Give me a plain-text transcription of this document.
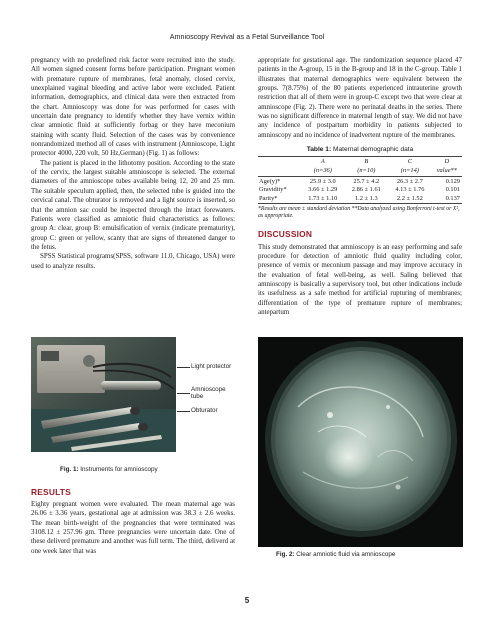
Amnioscopy Revival as a Fetal Surveillance Tool

pregnancy with no predefined risk factor were recruited into the study. All women signed consent forms before participation. Pregnant women with premature rupture of membranes, fetal anomaly, closed cervix, unexplained vaginal bleeding and active labor were excluded. Patient information, demographics, and clinical data were then extracted from the chart. Amnioscopy was done for was performed for cases with uncertain date pregnancy to identify whether they have vernix within clear amniotic fluid at sufficiently forbag or they have meconium staining with scanty fluid. Selection of the cases was by convenience nonrandomized method all of cases with instrument (Amnioscope, Light protector 4000, 220 volt, 50 Hz,German) (Fig. 1) as follows:

The patient is placed in the lithotomy position. According to the state of the cervix, the largest suitable amnioscope is selected. The external diameters of the amnioscope tubes available being 12, 20 and 25 mm. The suitable speculum applied, then, the selected tube is guided into the cervical canal. The obturator is removed and a light source is inserted, so that the amnion sac could be inspected through the intact forewaters. Patients were classified as amniotic fluid characteristics as follows: group A: clear, group B: emulsification of vernix (indicate prematurity), group C: green or yellow, scanty that are signs of threatened danger to the fetus.

SPSS Statistical programs(SPSS, software 11.0, Chicago, USA) were used to analyze results.

Light protector
Amnioscope tube
Obturator
Fig. 1: Instruments for amnioscopy
RESULTS

Eighty pregnant women were evaluated. The mean maternal age was 26.06 ± 3.36 years, gestational age at admission was 38.3 ± 2.6 weeks. The mean birth-weight of the pregnancies that were terminated was 3108.12 ± 257.96 gm. Three pregnancies were uncertain date. One of these deliverd premature and another was full term. The third, deliverd at one week later that was

appropriate for gestational age. The randomization sequence placed 47 patients in the A-group, 15 in the B-group and 18 in the C-group. Table 1 illustrates that maternal demographics were equivalent between the groups. 7(8.75%) of the 80 patients experienced intrauterine growth restriction that all of them were in group-C except two that were clear at amnioscope (Fig. 2). There were no perinatal deaths in the series. There was no significant difference in maternal length of stay. We did not have any incidence of postpartum morbidity in patients subjected to amnioscopy and no incidence of inadvertent rupture of the membranes.

Table 1: Maternal demographic data
	A	B	C	D
	(n=36)	(n=10)	(n=14)	value**
Age(y)*	25.9 ± 3.0	25.7 ± 4.2	26.3 ± 2.7	0.129
Gravidity*	3.66 ± 1.29	2.86 ± 1.61	4.13 ± 1.76	0.101
Parity*	1.73 ± 1.10	1.2 ± 1.3	2.2 ± 1.52	0.137

*Results are mean ± standard deviation **Data analyzed using Bonferroni t-test or X², as appropriate.

DISCUSSION

This study demonstrated that amnioscopy is an easy performing and safe procedure for detection of amniotic fluid quality including color, presence of vernix or meconium passage and may improve accuracy in the evaluation of fetal well-being, as well. Saling believed that amnioscopy is basically a supervisory tool, but other indications include its usefulness as a safe method for artificial rupturing of membranes; differentiation of the type of premature rupture of membranes; antepartum

Fig. 2: Clear amniotic fluid via amnioscope
5
